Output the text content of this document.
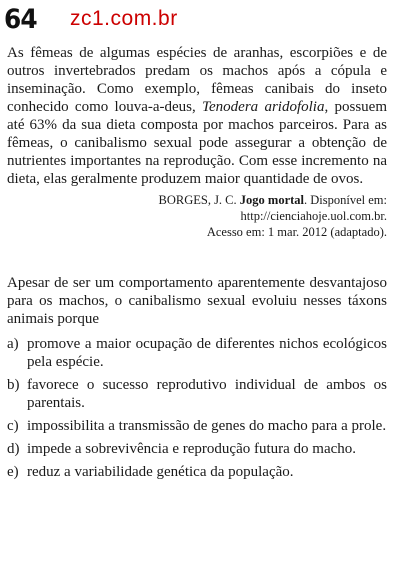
64	zc1.com.br

As fêmeas de algumas espécies de aranhas, escorpiões e de outros invertebrados predam os machos após a cópula e inseminação. Como exemplo, fêmeas canibais do inseto conhecido como louva-a-deus, Tenodera aridofolia, possuem até 63% da sua dieta composta por machos parceiros. Para as fêmeas, o canibalismo sexual pode assegurar a obtenção de nutrientes importantes na reprodução. Com esse incremento na dieta, elas geralmente produzem maior quantidade de ovos.

BORGES, J. C. Jogo mortal. Disponível em:
http://cienciahoje.uol.com.br.
Acesso em: 1 mar. 2012 (adaptado).

Apesar de ser um comportamento aparentemente desvantajoso para os machos, o canibalismo sexual evoluiu nesses táxons animais porque

a) promove a maior ocupação de diferentes nichos ecológicos pela espécie.
b) favorece o sucesso reprodutivo individual de ambos os parentais.
c) impossibilita a transmissão de genes do macho para a prole.
d) impede a sobrevivência e reprodução futura do macho.
e) reduz a variabilidade genética da população.
